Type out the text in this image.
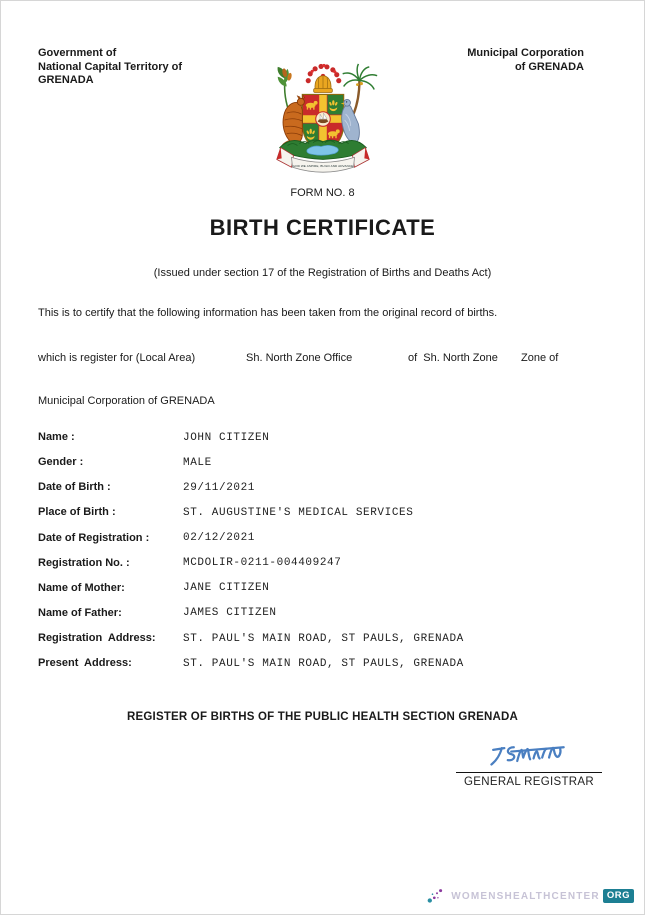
Government of
National Capital Territory of
GRENADA
Municipal Corporation
of GRENADA
GOD WE ASPIRE, BUILD AND ADVANCE
FORM NO. 8
BIRTH CERTIFICATE
(Issued under section 17 of the Registration of Births and Deaths Act)
This is to certify that the following information has been taken from the original record of births.
which is register for (Local Area)	Sh. North Zone Office	of  Sh. North Zone Zone of
Municipal Corporation of GRENADA
Name :	JOHN CITIZEN
Gender :	MALE
Date of Birth :	29/11/2021
Place of Birth :	ST. AUGUSTINE'S MEDICAL SERVICES
Date of Registration :	02/12/2021
Registration No. :	MCDOLIR-0211-004409247
Name of Mother:	JANE CITIZEN
Name of Father:	JAMES CITIZEN
Registration  Address:	ST. PAUL'S MAIN ROAD, ST PAULS, GRENADA
Present  Address:	ST. PAUL'S MAIN ROAD, ST PAULS, GRENADA
REGISTER OF BIRTHS OF THE PUBLIC HEALTH SECTION GRENADA
GENERAL REGISTRAR
WOMENSHEALTHCENTER ORG
